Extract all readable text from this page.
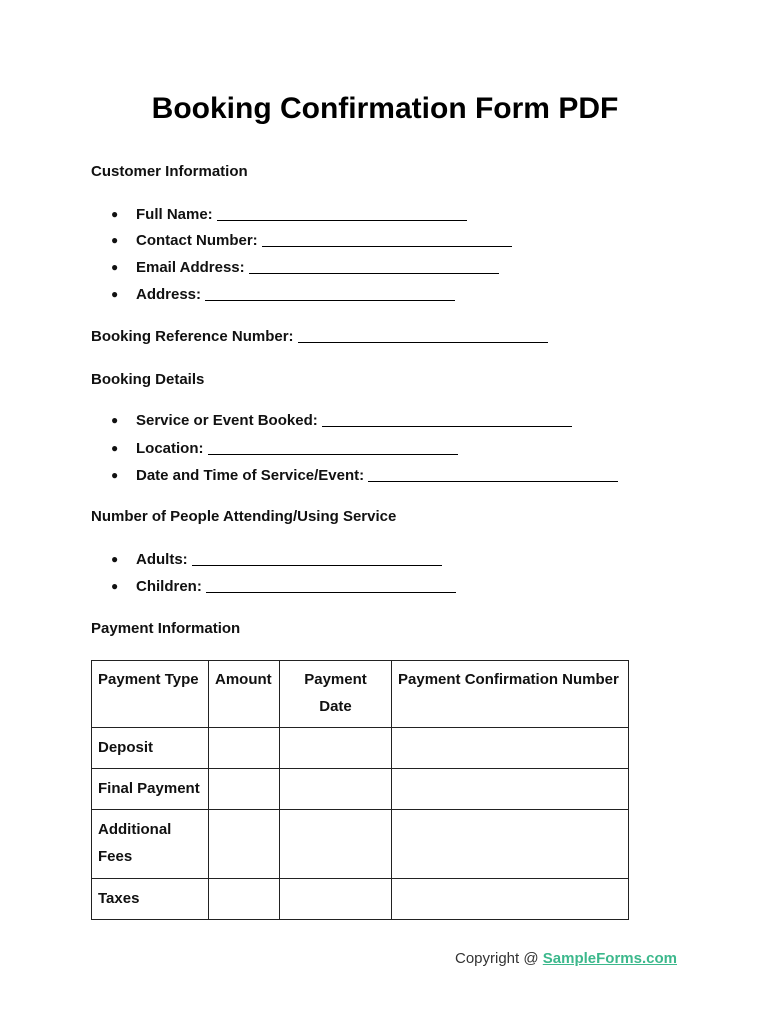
Booking Confirmation Form PDF
Customer Information
● Full Name:
● Contact Number:
● Email Address:
● Address:
Booking Reference Number:
Booking Details
● Service or Event Booked:
● Location:
● Date and Time of Service/Event:
Number of People Attending/Using Service
● Adults:
● Children:
Payment Information
Payment Type	Amount	Payment Date	Payment Confirmation Number
Deposit			
Final Payment			
Additional Fees			
Taxes			
Copyright @ SampleForms.com
